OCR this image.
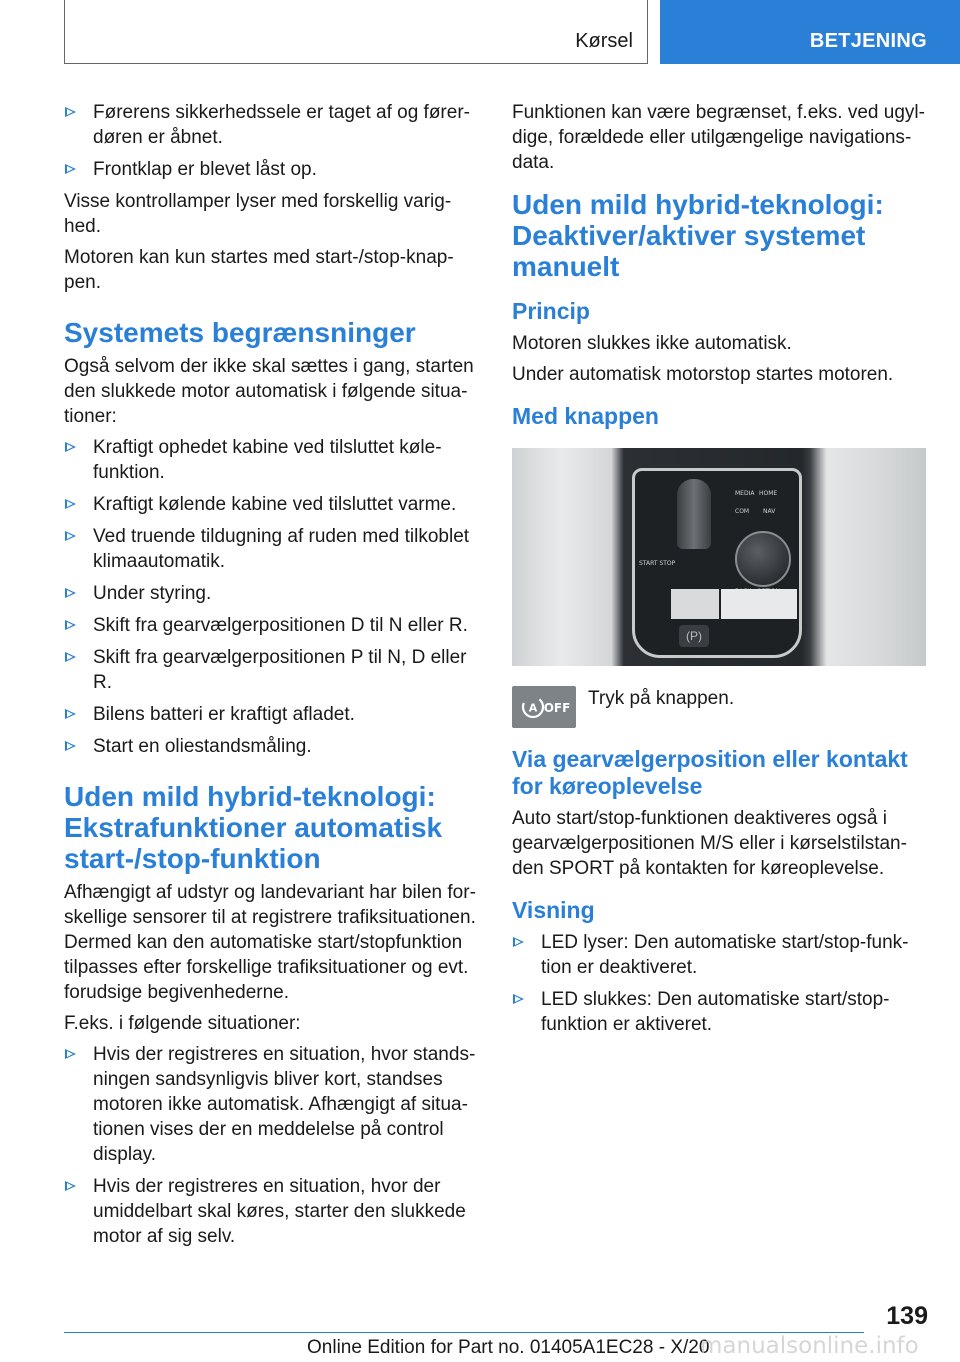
Kørsel	BETJENING
Førerens sikkerhedssele er taget af og førerdøren er åbnet.
Frontklap er blevet låst op.

Visse kontrollamper lyser med forskellig varighed.

Motoren kan kun startes med start-/stop-knappen.

Systemets begrænsninger

Også selvom der ikke skal sættes i gang, starten den slukkede motor automatisk i følgende situationer:

Kraftigt ophedet kabine ved tilsluttet kølefunktion.
Kraftigt kølende kabine ved tilsluttet varme.
Ved truende tildugning af ruden med tilkoblet klimaautomatik.
Under styring.
Skift fra gearvælgerpositionen D til N eller R.
Skift fra gearvælgerpositionen P til N, D eller R.
Bilens batteri er kraftigt afladet.
Start en oliestandsmåling.
Uden mild hybrid-teknologi: Ekstrafunktioner automatisk start-/stop-funktion

Afhængigt af udstyr og landevariant har bilen forskellige sensorer til at registrere trafiksituationen. Dermed kan den automatiske start/stopfunktion tilpasses efter forskellige trafiksituationer og evt. forudsige begivenhederne.

F.eks. i følgende situationer:

Hvis der registreres en situation, hvor standsningen sandsynligvis bliver kort, standses motoren ikke automatisk. Afhængigt af situationen vises der en meddelelse på control display.
Hvis der registreres en situation, hvor der umiddelbart skal køres, starter den slukkede motor af sig selv.

Funktionen kan være begrænset, f.eks. ved ugyldige, forældede eller utilgængelige navigationsdata.

Uden mild hybrid-teknologi: Deaktiver/aktiver systemet manuelt
Princip

Motoren slukkes ikke automatisk.

Under automatisk motorstop startes motoren.

Med knappen
MEDIA HOME
COM NAV
START STOP
(P)
A OFF Tryk på knappen.
Via gearvælgerposition eller kontakt for køreoplevelse

Auto start/stop-funktionen deaktiveres også i gearvælgerpositionen M/S eller i kørselstilstanden SPORT på kontakten for køreoplevelse.

Visning
LED lyser: Den automatiske start/stop-funktion er deaktiveret.
LED slukkes: Den automatiske start/stopfunktion er aktiveret.
139
Online Edition for Part no. 01405A1EC28 - X/20
manualsonline.info
